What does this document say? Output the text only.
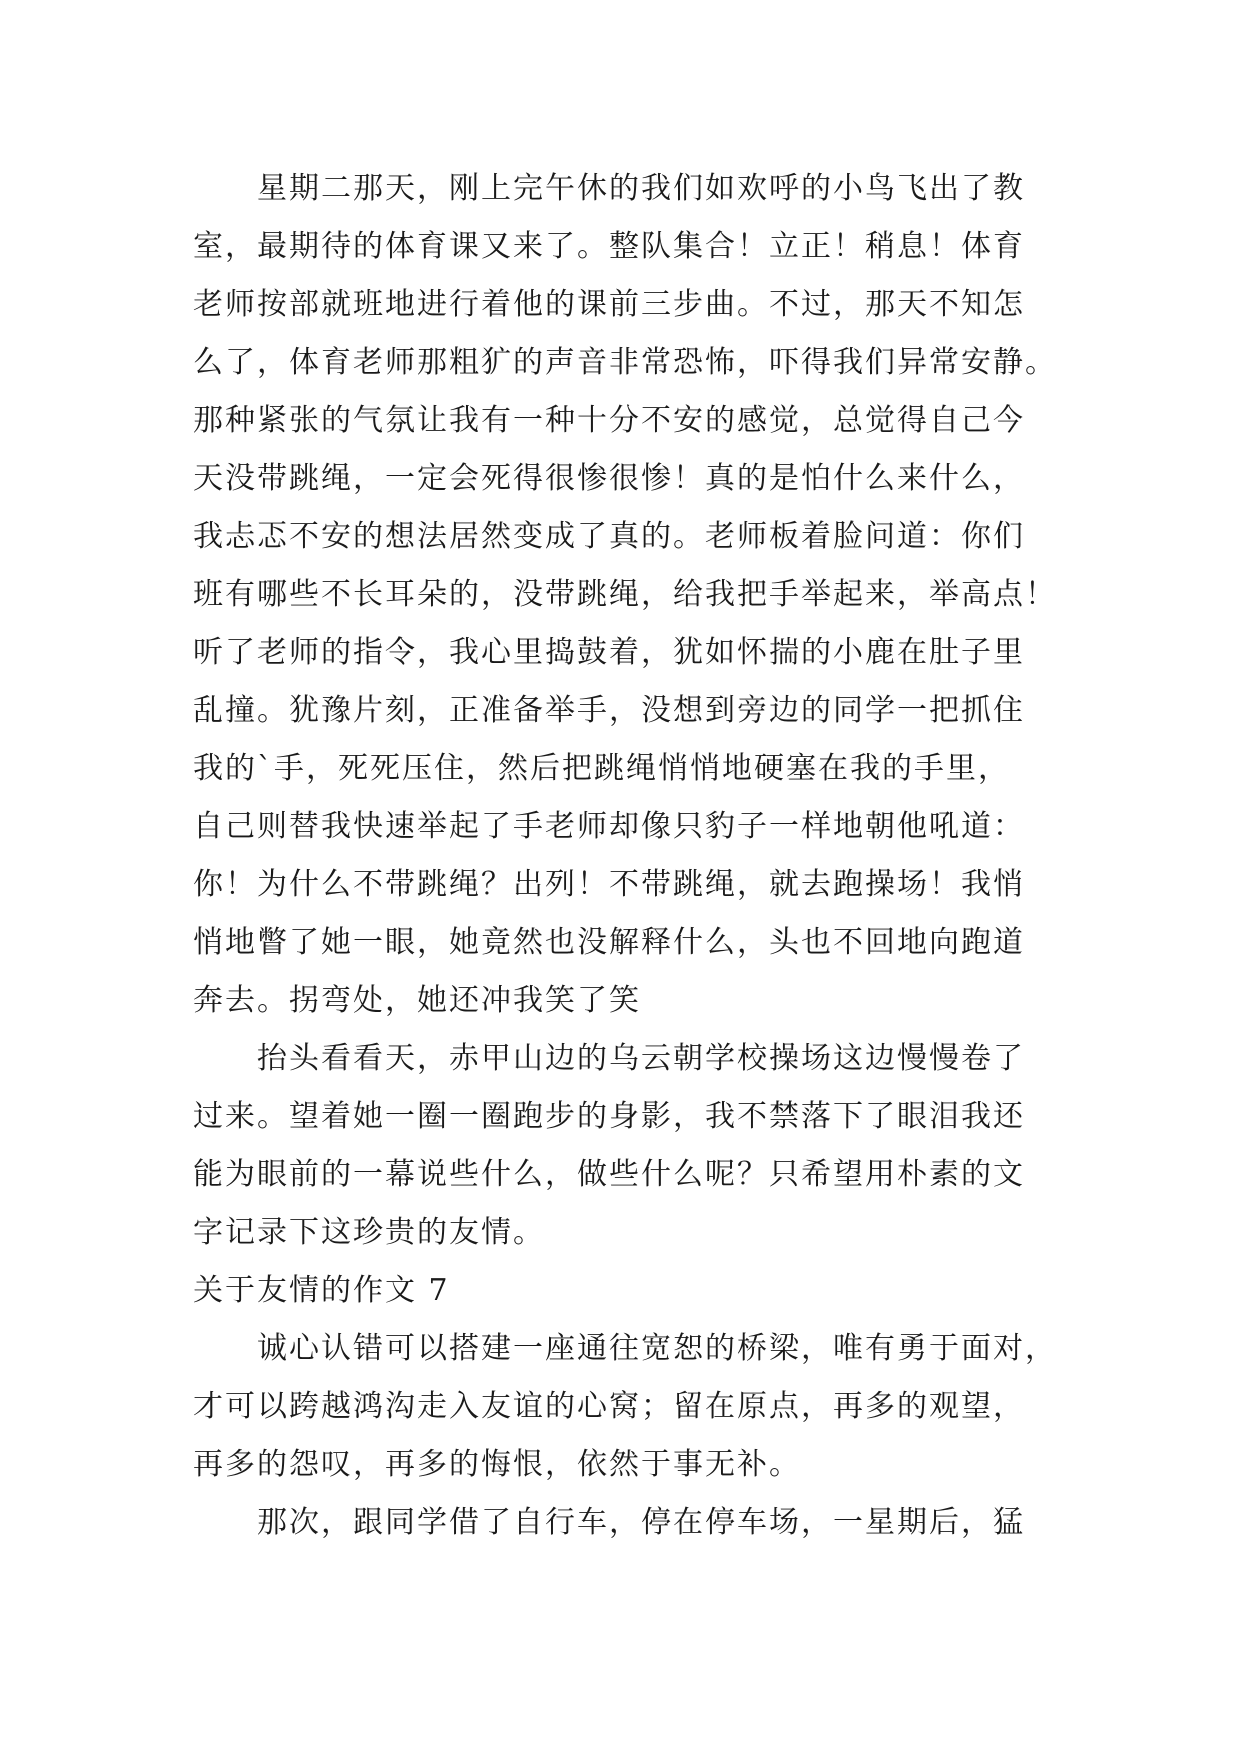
星期二那天，刚上完午休的我们如欢呼的小鸟飞出了教
室，最期待的体育课又来了。整队集合！立正！稍息！体育
老师按部就班地进行着他的课前三步曲。不过，那天不知怎
么了，体育老师那粗犷的声音非常恐怖，吓得我们异常安静。
那种紧张的气氛让我有一种十分不安的感觉，总觉得自己今
天没带跳绳，一定会死得很惨很惨！真的是怕什么来什么，
我忐忑不安的想法居然变成了真的。老师板着脸问道：你们
班有哪些不长耳朵的，没带跳绳，给我把手举起来，举高点！
听了老师的指令，我心里捣鼓着，犹如怀揣的小鹿在肚子里
乱撞。犹豫片刻，正准备举手，没想到旁边的同学一把抓住
我的`手，死死压住，然后把跳绳悄悄地硬塞在我的手里，
自己则替我快速举起了手老师却像只豹子一样地朝他吼道：
你！为什么不带跳绳？出列！不带跳绳，就去跑操场！我悄
悄地瞥了她一眼，她竟然也没解释什么，头也不回地向跑道
奔去。拐弯处，她还冲我笑了笑
抬头看看天，赤甲山边的乌云朝学校操场这边慢慢卷了
过来。望着她一圈一圈跑步的身影，我不禁落下了眼泪我还
能为眼前的一幕说些什么，做些什么呢？只希望用朴素的文
字记录下这珍贵的友情。
关于友情的作文 7
诚心认错可以搭建一座通往宽恕的桥梁，唯有勇于面对，
才可以跨越鸿沟走入友谊的心窝；留在原点，再多的观望，
再多的怨叹，再多的悔恨，依然于事无补。
那次，跟同学借了自行车，停在停车场，一星期后，猛
